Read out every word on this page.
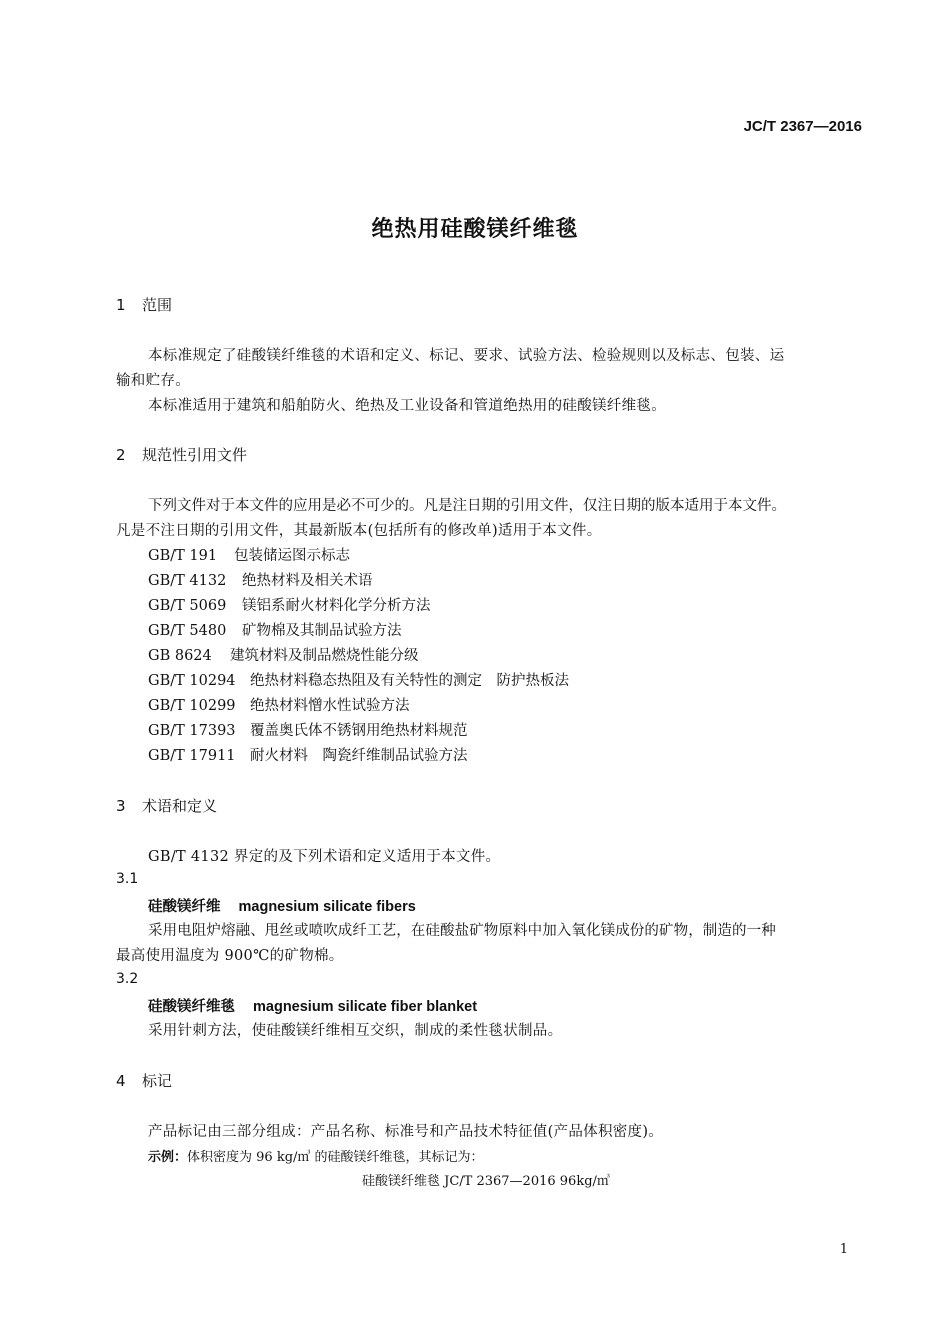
JC/T 2367—2016
绝热用硅酸镁纤维毯
1 范围
本标准规定了硅酸镁纤维毯的术语和定义、标记、要求、试验方法、检验规则以及标志、包装、运
输和贮存。
本标准适用于建筑和船舶防火、绝热及工业设备和管道绝热用的硅酸镁纤维毯。
2 规范性引用文件
下列文件对于本文件的应用是必不可少的。凡是注日期的引用文件，仅注日期的版本适用于本文件。
凡是不注日期的引用文件，其最新版本(包括所有的修改单)适用于本文件。
GB/T 191 包装储运图示标志
GB/T 4132 绝热材料及相关术语
GB/T 5069 镁铝系耐火材料化学分析方法
GB/T 5480 矿物棉及其制品试验方法
GB 8624 建筑材料及制品燃烧性能分级
GB/T 10294 绝热材料稳态热阻及有关特性的测定　防护热板法
GB/T 10299 绝热材料憎水性试验方法
GB/T 17393 覆盖奥氏体不锈钢用绝热材料规范
GB/T 17911 耐火材料　陶瓷纤维制品试验方法
3 术语和定义
GB/T 4132 界定的及下列术语和定义适用于本文件。
3.1
硅酸镁纤维 magnesium silicate fibers
采用电阻炉熔融、甩丝或喷吹成纤工艺，在硅酸盐矿物原料中加入氧化镁成份的矿物，制造的一种
最高使用温度为 900℃的矿物棉。
3.2
硅酸镁纤维毯 magnesium silicate fiber blanket
采用针刺方法，使硅酸镁纤维相互交织，制成的柔性毯状制品。
4 标记
产品标记由三部分组成：产品名称、标准号和产品技术特征值(产品体积密度)。
示例：体积密度为 96 kg/㎥ 的硅酸镁纤维毯，其标记为：
硅酸镁纤维毯 JC/T 2367—2016 96kg/㎥
1
